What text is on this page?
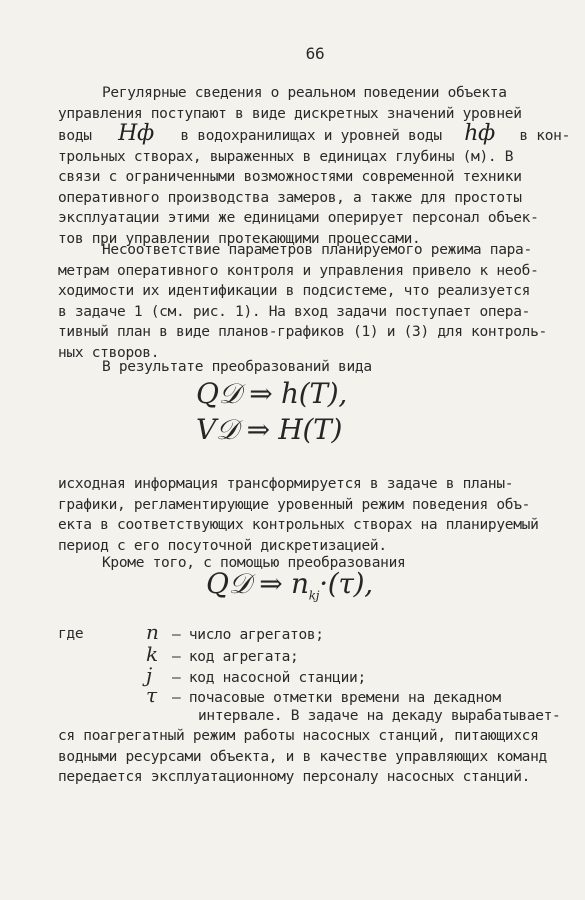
66
Регулярные сведения о реальном поведении объекта
управления поступают в виде дискретных значений уровней
воды Нф в водохранилищах и уровней воды hф в кон-
трольных створах, выраженных в единицах глубины (м). В
связи с ограниченными возможностями современной техники
оперативного производства замеров, а также для простоты
эксплуатации этими же единицами оперирует персонал объек-
тов при управлении протекающими процессами.
Несоответствие параметров планируемого режима пара-
метрам оперативного контроля и управления привело к необ-
ходимости их идентификации в подсистеме, что реализуется
в задаче 1 (см. рис. 1). На вход задачи поступает опера-
тивный план в виде планов-графиков (1) и (3) для контроль-
ных створов.
В результате преобразований вида
Q𝒟 ⇒ h(T),
V𝒟 ⇒ H(T)
исходная информация трансформируется в задаче в планы-
графики, регламентирующие уровенный режим поведения объ-
екта в соответствующих контрольных створах на планируемый
период с его посуточной дискретизацией.
Кроме того, с помощью преобразования
Q𝒟 ⇒ $n_{kj}\cdot(\tau)$,
где	n – число агрегатов;
k – код агрегата;
j – код насосной станции;
τ – почасовые отметки времени на декадном
интервале. В задаче на декаду вырабатывает-
ся поагрегатный режим работы насосных станций, питающихся
водными ресурсами объекта, и в качестве управляющих команд
передается эксплуатационному персоналу насосных станций.
